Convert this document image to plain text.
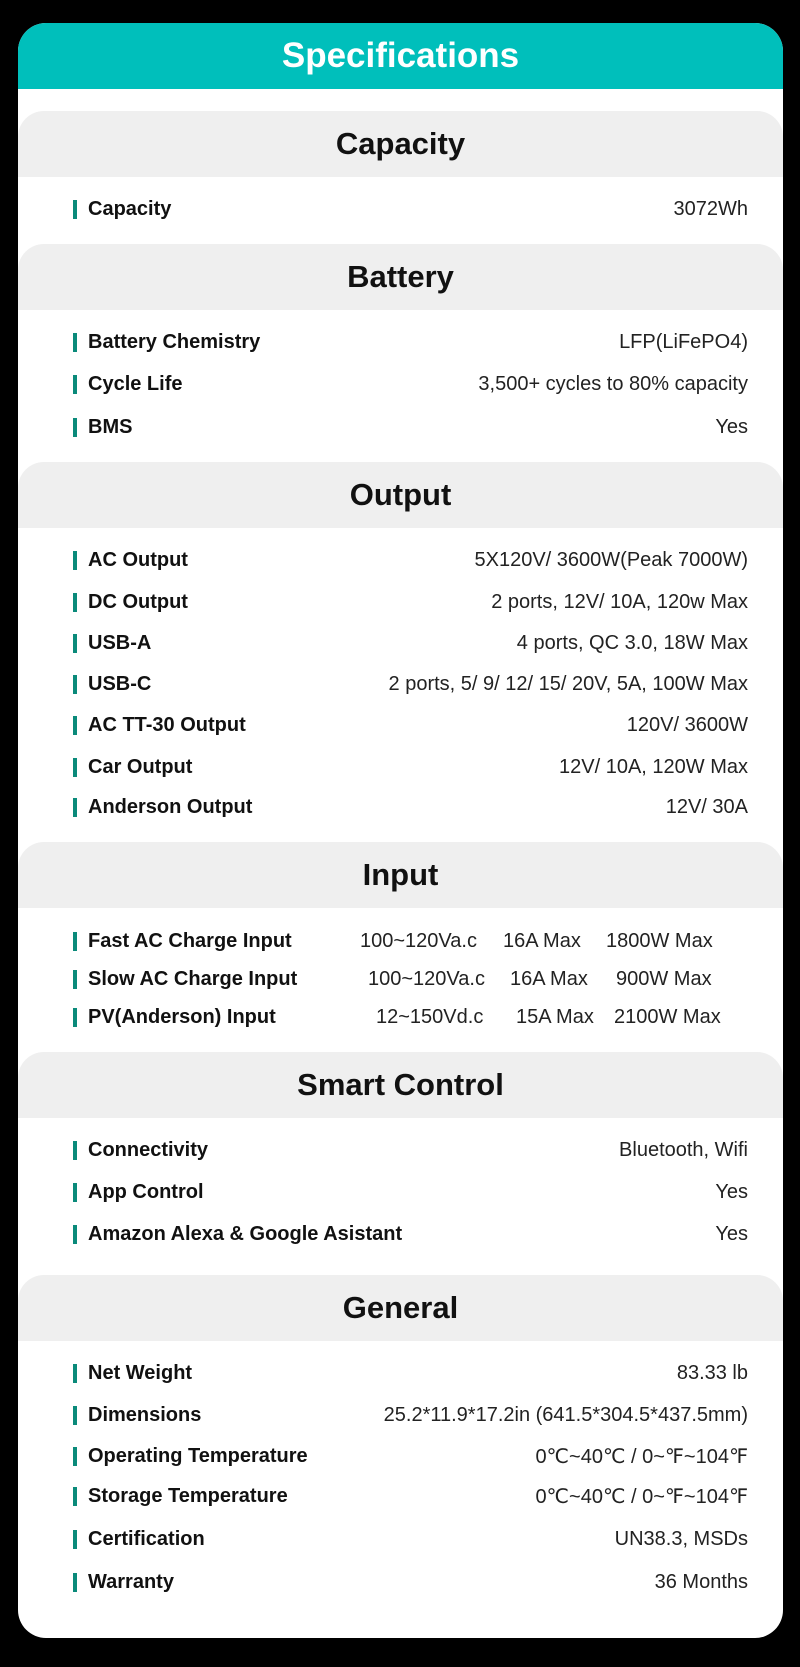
Specifications
Capacity
Capacity	3072Wh
Battery
Battery Chemistry	LFP(LiFePO4)
Cycle Life	3,500+ cycles to 80% capacity
BMS	Yes
Output
AC Output	5X120V/ 3600W(Peak 7000W)
DC Output	2 ports, 12V/ 10A, 120w Max
USB-A	4 ports, QC 3.0, 18W Max
USB-C	2 ports, 5/ 9/ 12/ 15/ 20V, 5A, 100W Max
AC TT-30 Output	120V/ 3600W
Car Output	12V/ 10A, 120W Max
Anderson Output	12V/ 30A
Input
Fast AC Charge Input	100~120Va.c 16A Max 1800W Max
Slow AC Charge Input	100~120Va.c 16A Max 900W Max
PV(Anderson) Input	12~150Vd.c 15A Max 2100W Max
Smart Control
Connectivity	Bluetooth, Wifi
App Control	Yes
Amazon Alexa & Google Asistant	Yes
General
Net Weight	83.33 lb
Dimensions	25.2*11.9*17.2in (641.5*304.5*437.5mm)
Operating Temperature	0℃~40℃ / 0~℉~104℉
Storage Temperature	0℃~40℃ / 0~℉~104℉
Certification	UN38.3, MSDs
Warranty	36 Months
